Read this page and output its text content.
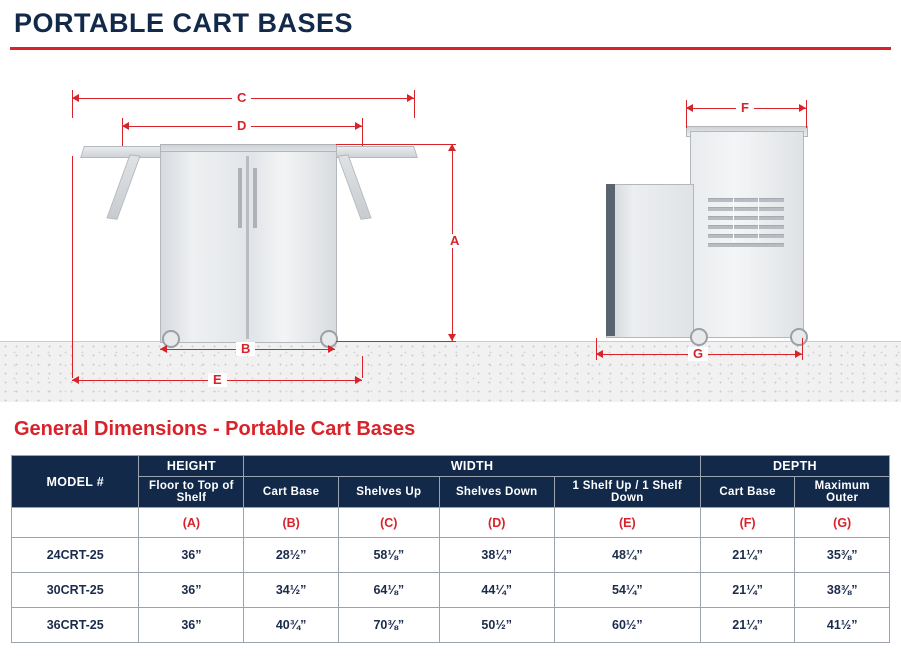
PORTABLE CART BASES
C
D
A
B
E
F
G
General Dimensions - Portable Cart Bases
MODEL #	HEIGHT	WIDTH				DEPTH	
	Floor to Top of Shelf	Cart Base	Shelves Up	Shelves Down	1 Shelf Up / 1 Shelf Down	Cart Base	Maximum Outer
	(A)	(B)	(C)	(D)	(E)	(F)	(G)
24CRT-25	36”	28½”	58⅛”	38¼”	48¼”	21¼”	35⅜”
30CRT-25	36”	34½”	64⅛”	44¼”	54¼”	21¼”	38⅜”
36CRT-25	36”	40¾”	70⅜”	50½”	60½”	21¼”	41½”
